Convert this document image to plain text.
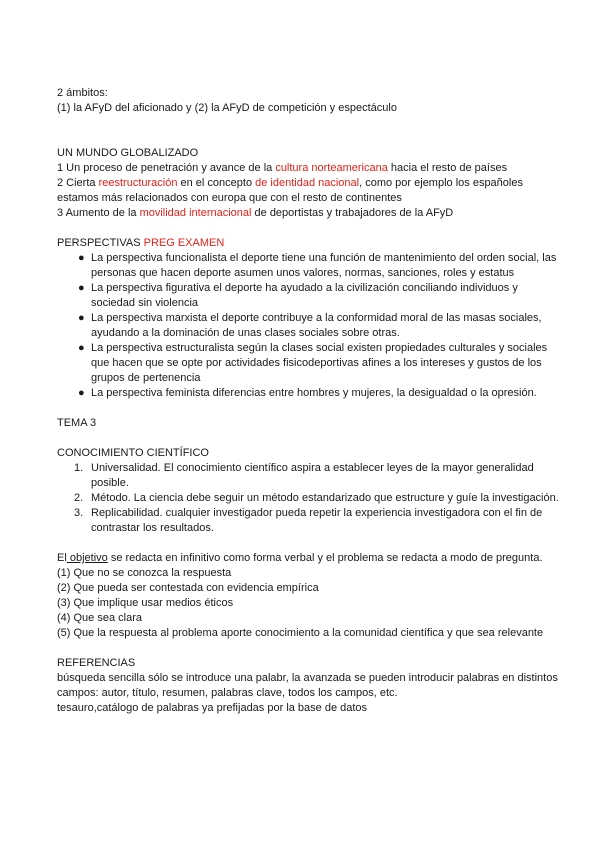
2 ámbitos:

(1) la AFyD del aficionado y (2) la AFyD de competición y espectáculo

UN MUNDO GLOBALIZADO

1 Un proceso de penetración y avance de la cultura norteamericana hacia el resto de países

2 Cierta reestructuración en el concepto de identidad nacional, como por ejemplo los españoles estamos más relacionados con europa que con el resto de continentes

3 Aumento de la movilidad internacional de deportistas y trabajadores de la AFyD

PERSPECTIVAS PREG EXAMEN

● La perspectiva funcionalista el deporte tiene una función de mantenimiento del orden social, las personas que hacen deporte asumen unos valores, normas, sanciones, roles y estatus
● La perspectiva figurativa el deporte ha ayudado a la civilización conciliando individuos y sociedad sin violencia
● La perspectiva marxista el deporte contribuye a la conformidad moral de las masas sociales, ayudando a la dominación de unas clases sociales sobre otras.
● La perspectiva estructuralista según la clases social existen propiedades culturales y sociales que hacen que se opte por actividades fisicodeportivas afines a los intereses y gustos de los grupos de pertenencia
● La perspectiva feminista diferencias entre hombres y mujeres, la desigualdad o la opresión.

TEMA 3

CONOCIMIENTO CIENTÍFICO

1. Universalidad. El conocimiento científico aspira a establecer leyes de la mayor generalidad posible.
2. Método. La ciencia debe seguir un método estandarizado que estructure y guíe la investigación.
3. Replicabilidad. cualquier investigador pueda repetir la experiencia investigadora con el fin de contrastar los resultados.

El objetivo se redacta en infinitivo como forma verbal y el problema se redacta a modo de pregunta.

(1) Que no se conozca la respuesta

(2) Que pueda ser contestada con evidencia empírica

(3) Que implique usar medios éticos

(4) Que sea clara

(5) Que la respuesta al problema aporte conocimiento a la comunidad científica y que sea relevante

REFERENCIAS

búsqueda sencilla sólo se introduce una palabr, la avanzada se pueden introducir palabras en distintos campos: autor, título, resumen, palabras clave, todos los campos, etc.

tesauro,catálogo de palabras ya prefijadas por la base de datos
